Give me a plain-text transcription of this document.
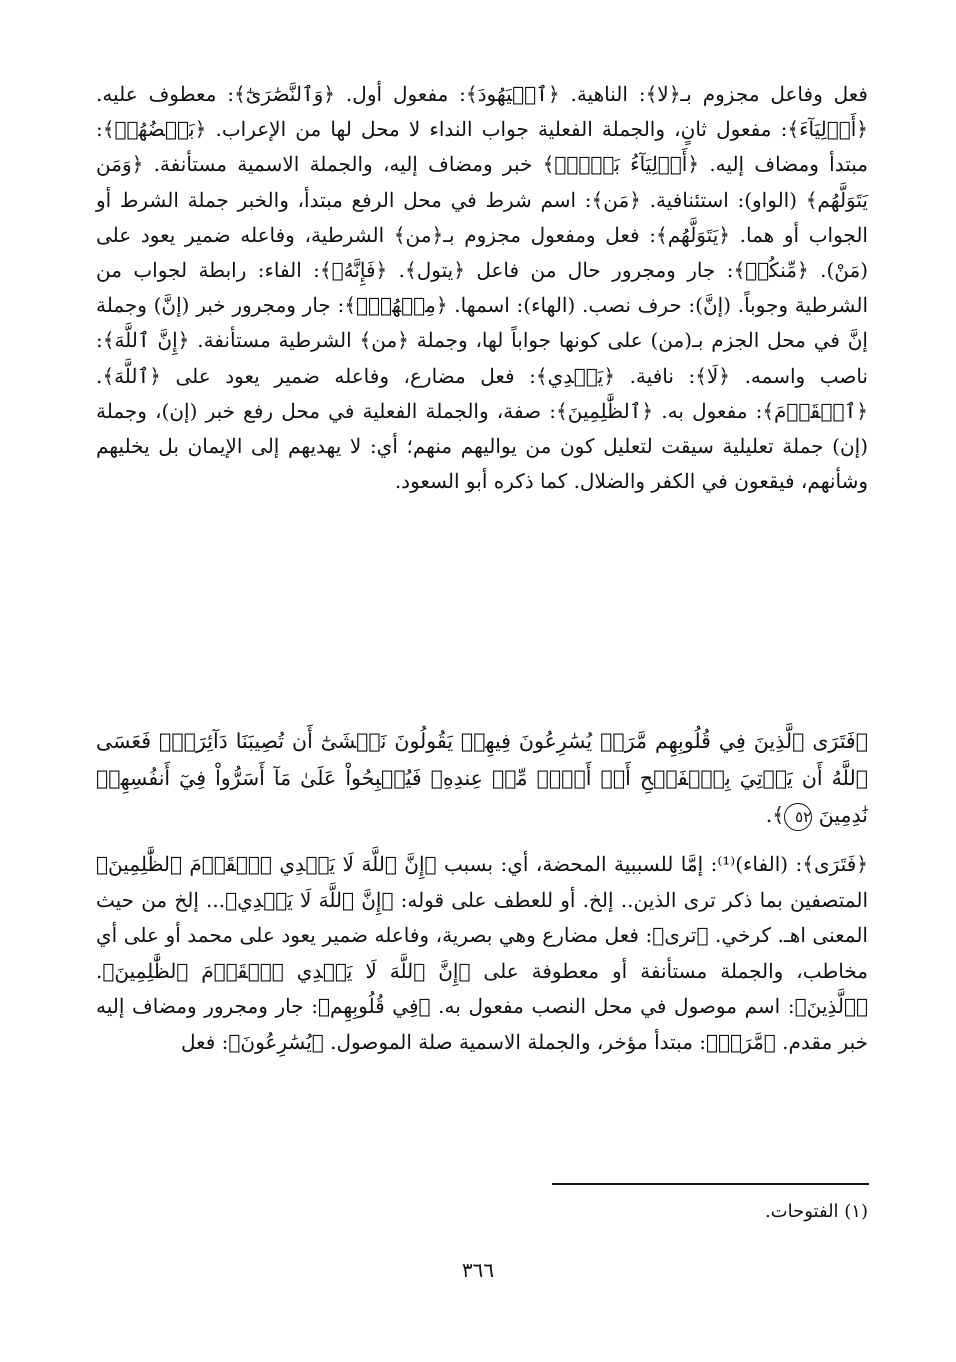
فعل وفاعل مجزوم بـ﴿لا﴾: الناهية. ﴿ٱلۡيَهُودَ﴾: مفعول أول. ﴿وَٱلنَّصَٰرَىٰٓ﴾: معطوف عليه. ﴿أَوۡلِيَآءَ﴾: مفعول ثانٍ، والجملة الفعلية جواب النداء لا محل لها من الإعراب. ﴿بَعۡضُهُمۡ﴾: مبتدأ ومضاف إليه. ﴿أَوۡلِيَآءُ بَعۡضٖۚ﴾ خبر ومضاف إليه، والجملة الاسمية مستأنفة. ﴿وَمَن يَتَوَلَّهُم﴾ (الواو): استئنافية. ﴿مَن﴾: اسم شرط في محل الرفع مبتدأ، والخبر جملة الشرط أو الجواب أو هما. ﴿يَتَوَلَّهُم﴾: فعل ومفعول مجزوم بـ﴿من﴾ الشرطية، وفاعله ضمير يعود على (مَنْ). ﴿مِّنكُمۡ﴾: جار ومجرور حال من فاعل ﴿يتول﴾. ﴿فَإِنَّهُۥ﴾: الفاء: رابطة لجواب من الشرطية وجوباً. (إنَّ): حرف نصب. (الهاء): اسمها. ﴿مِنۡهُمۡۗ﴾: جار ومجرور خبر (إنَّ) وجملة إنَّ في محل الجزم بـ(من) على كونها جواباً لها، وجملة ﴿من﴾ الشرطية مستأنفة. ﴿إِنَّ ٱللَّهَ﴾: ناصب واسمه. ﴿لَا﴾: نافية. ﴿يَهۡدِي﴾: فعل مضارع، وفاعله ضمير يعود على ﴿ٱللَّهَ﴾. ﴿ٱلۡقَوۡمَ﴾: مفعول به. ﴿ٱلظَّٰلِمِينَ﴾: صفة، والجملة الفعلية في محل رفع خبر (إن)، وجملة (إن) جملة تعليلية سيقت لتعليل كون من يواليهم منهم؛ أي: لا يهديهم إلى الإيمان بل يخليهم وشأنهم، فيقعون في الكفر والضلال. كما ذكره أبو السعود.

﴿فَتَرَى ٱلَّذِينَ فِي قُلُوبِهِم مَّرَضٞ يُسَٰرِعُونَ فِيهِمۡ يَقُولُونَ نَخۡشَىٰٓ أَن تُصِيبَنَا دَآئِرَةٞۚ فَعَسَى ٱللَّهُ أَن يَأۡتِيَ بِٱلۡفَتۡحِ أَوۡ أَمۡرٖ مِّنۡ عِندِهِۦ فَيُصۡبِحُواْ عَلَىٰ مَآ أَسَرُّواْ فِيٓ أَنفُسِهِمۡ نَٰدِمِينَ ٥٢﴾.

﴿فَتَرَى﴾: (الفاء)⁽¹⁾: إمَّا للسببية المحضة، أي: بسبب ﴿إِنَّ ٱللَّهَ لَا يَهۡدِي ٱلۡقَوۡمَ ٱلظَّٰلِمِينَ﴾ المتصفين بما ذكر ترى الذين.. إلخ. أو للعطف على قوله: ﴿إِنَّ ٱللَّهَ لَا يَهۡدِي﴾... إلخ من حيث المعنى اهـ. كرخي. ﴿ترى﴾: فعل مضارع وهي بصرية، وفاعله ضمير يعود على محمد أو على أي مخاطب، والجملة مستأنفة أو معطوفة على ﴿إِنَّ ٱللَّهَ لَا يَهۡدِي ٱلۡقَوۡمَ ٱلظَّٰلِمِينَ﴾. ﴿ٱلَّذِينَ﴾: اسم موصول في محل النصب مفعول به. ﴿فِي قُلُوبِهِم﴾: جار ومجرور ومضاف إليه خبر مقدم. ﴿مَّرَضٞ﴾: مبتدأ مؤخر، والجملة الاسمية صلة الموصول. ﴿يُسَٰرِعُونَ﴾: فعل

(١) الفتوحات.

٣٦٦
